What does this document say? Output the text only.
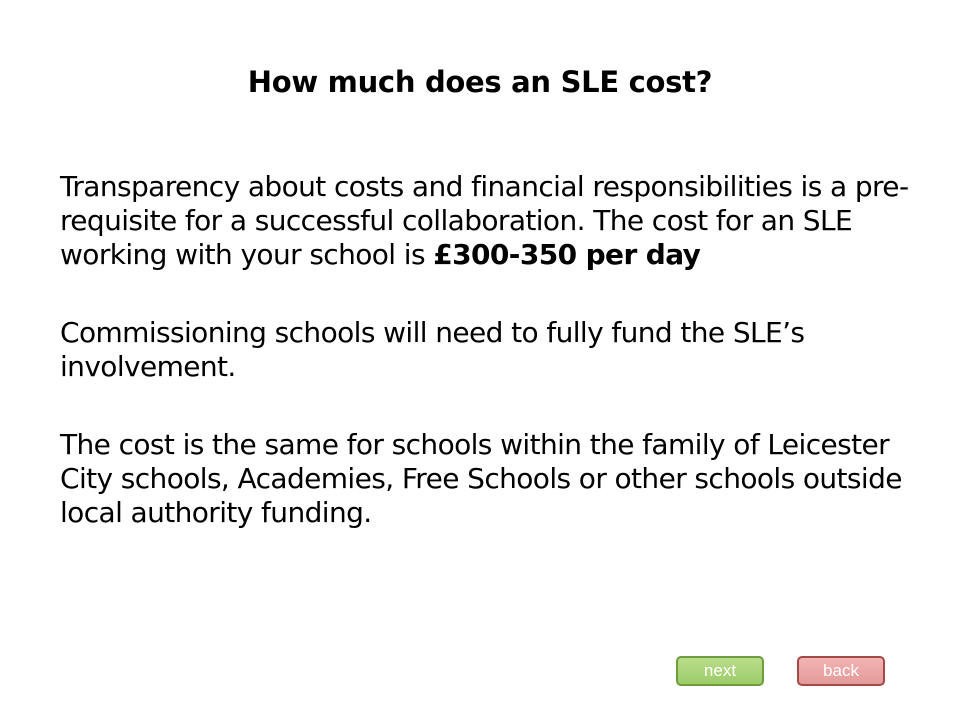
How much does an SLE cost?

Transparency about costs and financial responsibilities is a pre-requisite for a successful collaboration. The cost for an SLE working with your school is £300-350 per day

Commissioning schools will need to fully fund the SLE’s involvement.

The cost is the same for schools within the family of Leicester City schools, Academies, Free Schools or other schools outside local authority funding.

next	back
